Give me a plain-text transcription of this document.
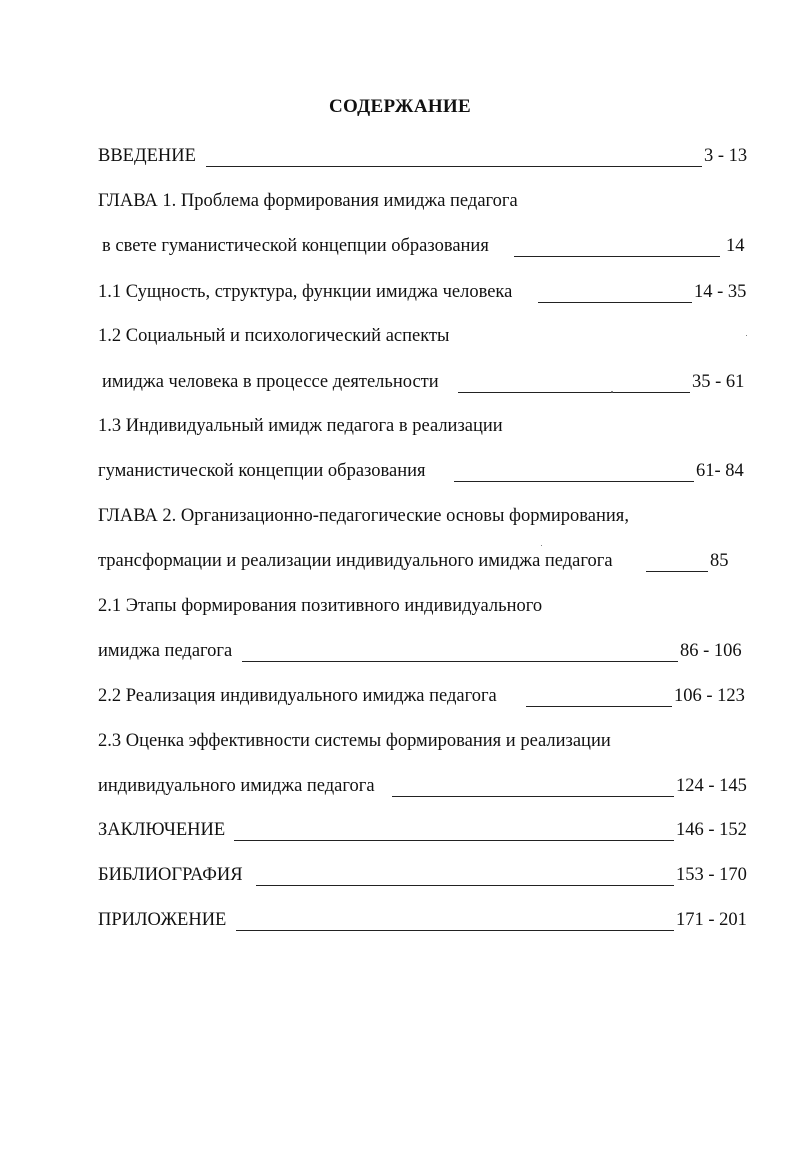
СОДЕРЖАНИЕ
ВВЕДЕНИЕ	3 - 13
ГЛАВА 1. Проблема формирования имиджа педагога
в свете гуманистической концепции образования	14
1.1 Сущность, структура, функции имиджа человека	14 - 35
1.2 Социальный и психологический аспекты
имиджа человека в процессе деятельности	35 - 61
1.3 Индивидуальный имидж педагога в реализации
гуманистической концепции образования	61- 84
ГЛАВА 2. Организационно-педагогические основы формирования,
трансформации и реализации индивидуального имиджа педагога	85
2.1 Этапы формирования позитивного индивидуального
имиджа педагога	86 - 106
2.2 Реализация индивидуального имиджа педагога	106 - 123
2.3 Оценка эффективности системы формирования и реализации
индивидуального имиджа педагога	124 - 145
ЗАКЛЮЧЕНИЕ	146 - 152
БИБЛИОГРАФИЯ	153 - 170
ПРИЛОЖЕНИЕ	171 - 201
